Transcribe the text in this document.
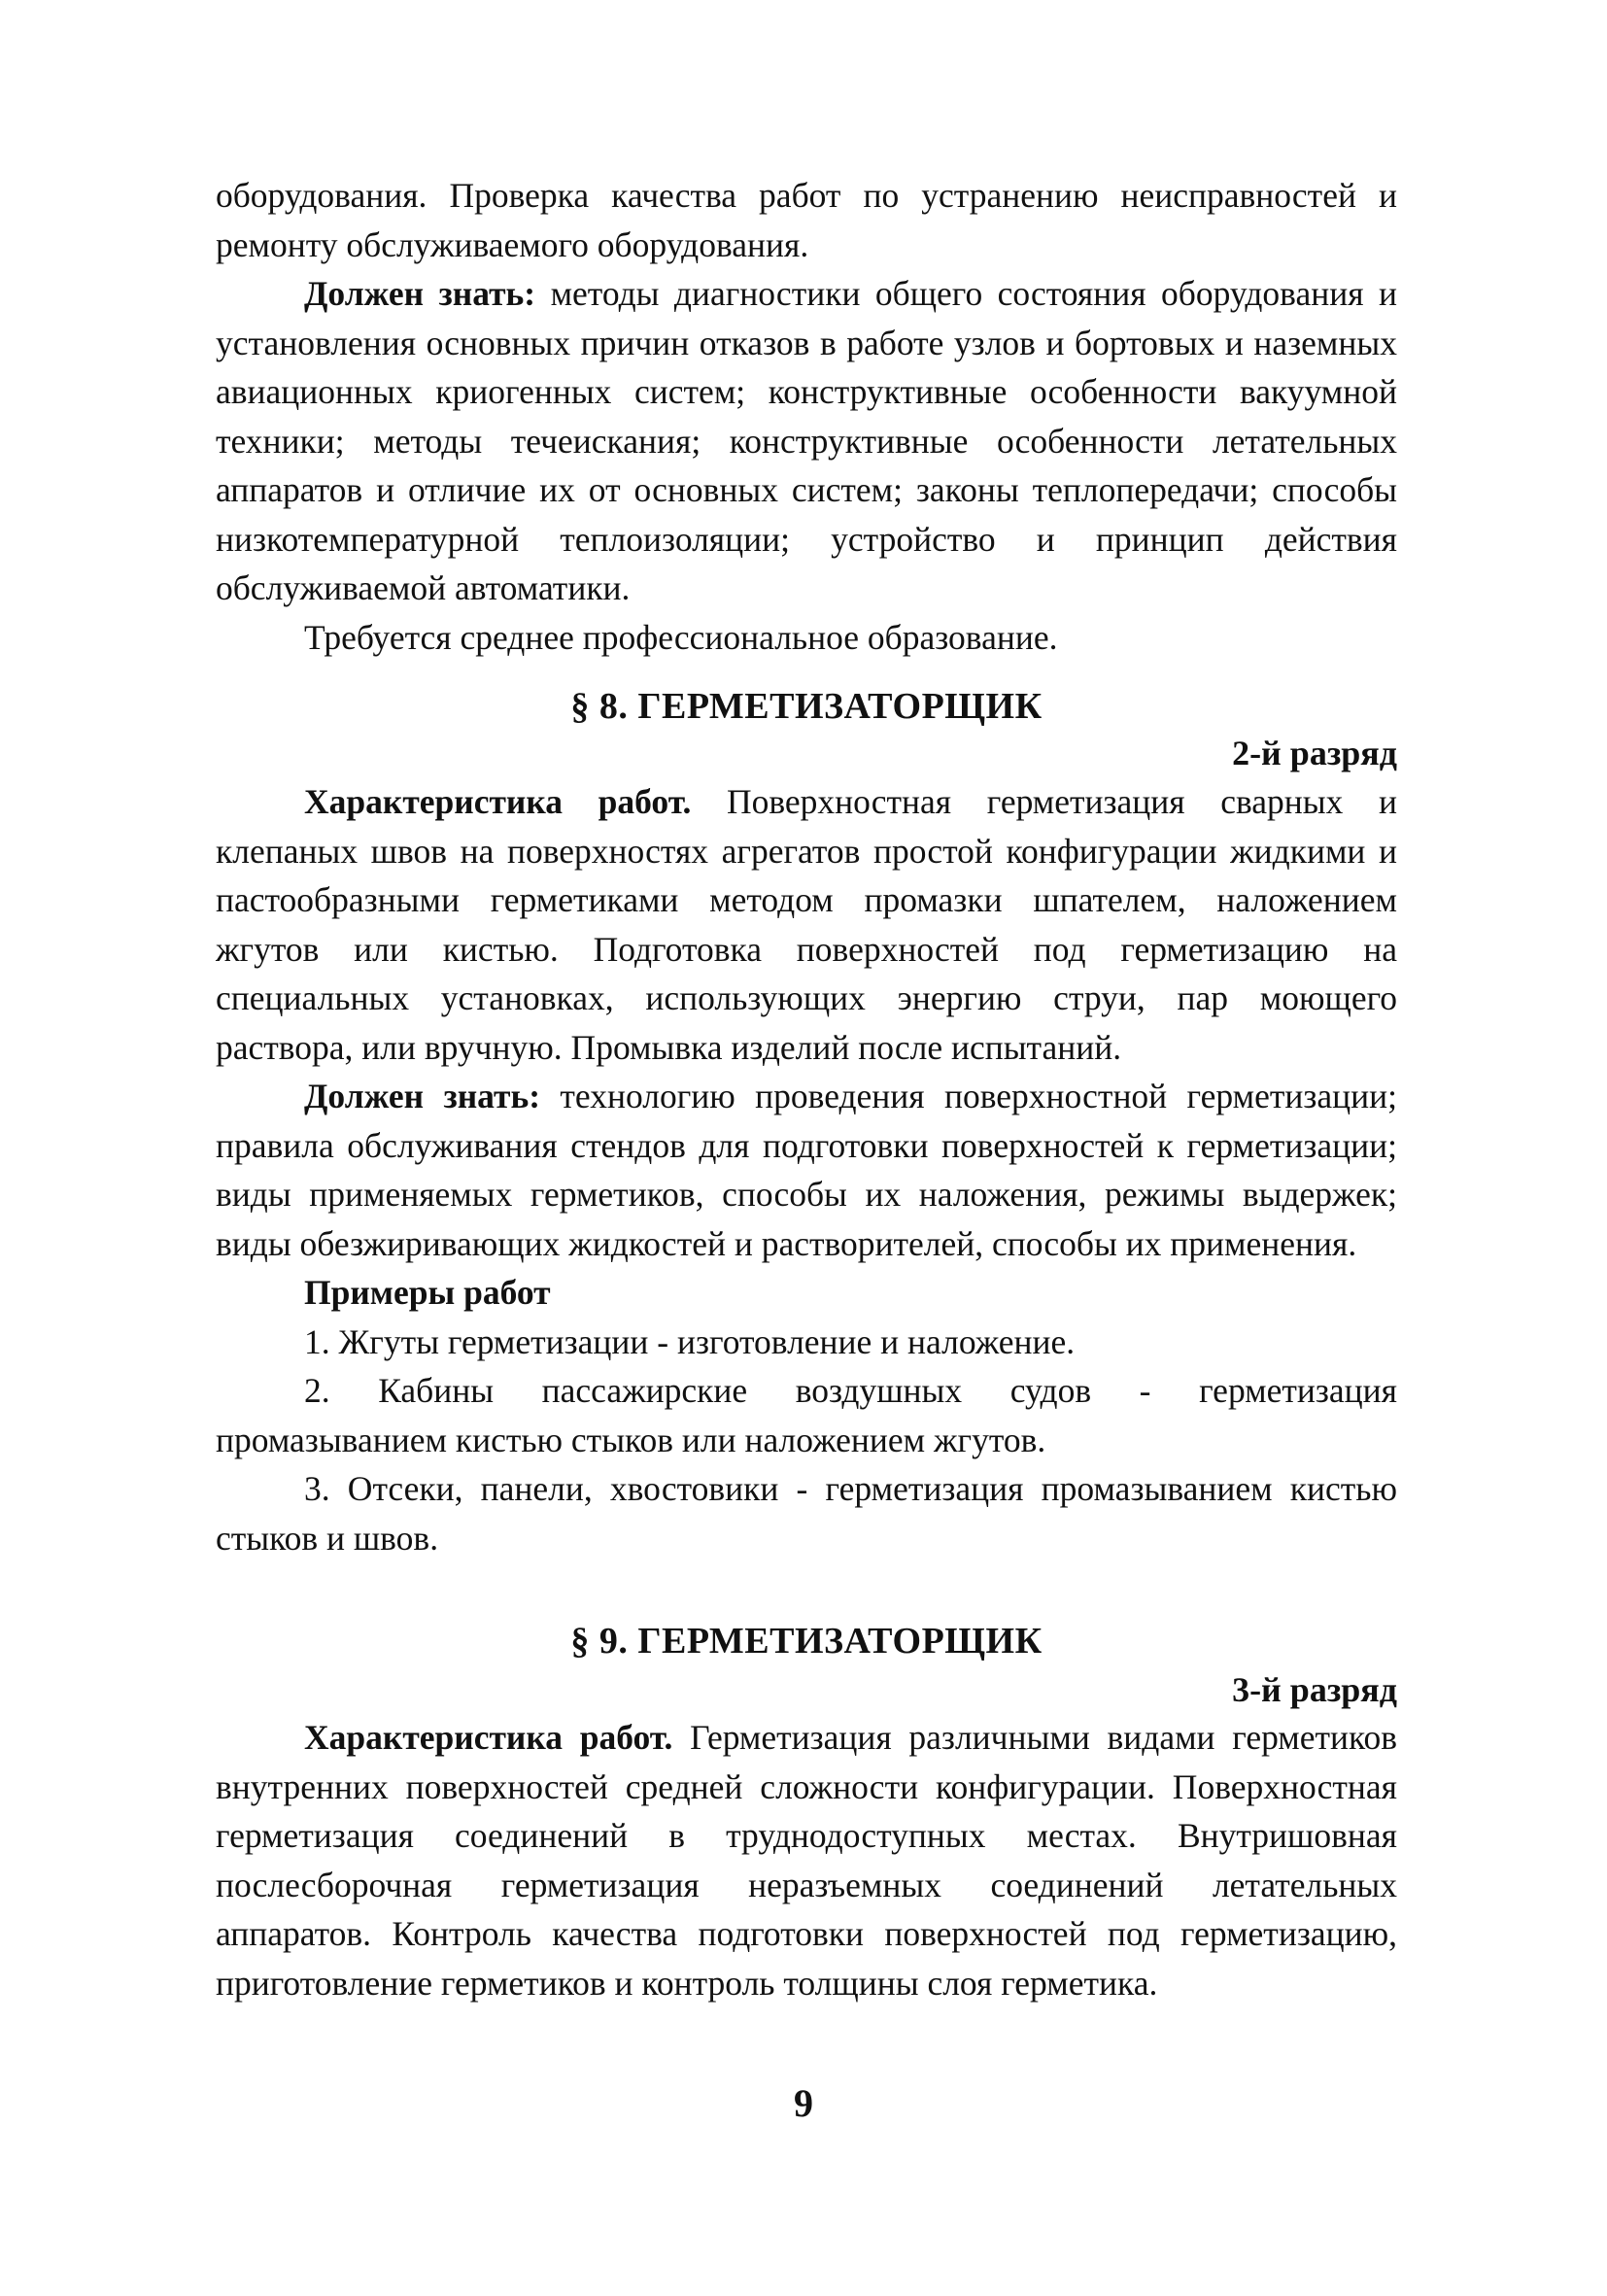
оборудования. Проверка качества работ по устранению неисправностей и ремонту обслуживаемого оборудования.

Должен знать: методы диагностики общего состояния оборудования и установления основных причин отказов в работе узлов и бортовых и наземных авиационных криогенных систем; конструктивные особенности вакуумной техники; методы течеискания; конструктивные особенности летательных аппаратов и отличие их от основных систем; законы теплопередачи; способы низкотемпературной теплоизоляции; устройство и принцип действия обслуживаемой автоматики.

Требуется среднее профессиональное образование.

§ 8. ГЕРМЕТИЗАТОРЩИК
2-й разряд

Характеристика работ. Поверхностная герметизация сварных и клепаных швов на поверхностях агрегатов простой конфигурации жидкими и пастообразными герметиками методом промазки шпателем, наложением жгутов или кистью. Подготовка поверхностей под герметизацию на специальных установках, использующих энергию струи, пар моющего раствора, или вручную. Промывка изделий после испытаний.

Должен знать: технологию проведения поверхностной герметизации; правила обслуживания стендов для подготовки поверхностей к герметизации; виды применяемых герметиков, способы их наложения, режимы выдержек; виды обезжиривающих жидкостей и растворителей, способы их применения.

Примеры работ

1. Жгуты герметизации - изготовление и наложение.

2. Кабины пассажирские воздушных судов - герметизация промазыванием кистью стыков или наложением жгутов.

3. Отсеки, панели, хвостовики - герметизация промазыванием кистью стыков и швов.

§ 9. ГЕРМЕТИЗАТОРЩИК
3-й разряд

Характеристика работ. Герметизация различными видами герметиков внутренних поверхностей средней сложности конфигурации. Поверхностная герметизация соединений в труднодоступных местах. Внутришовная послесборочная герметизация неразъемных соединений летательных аппаратов. Контроль качества подготовки поверхностей под герметизацию, приготовление герметиков и контроль толщины слоя герметика.

9
